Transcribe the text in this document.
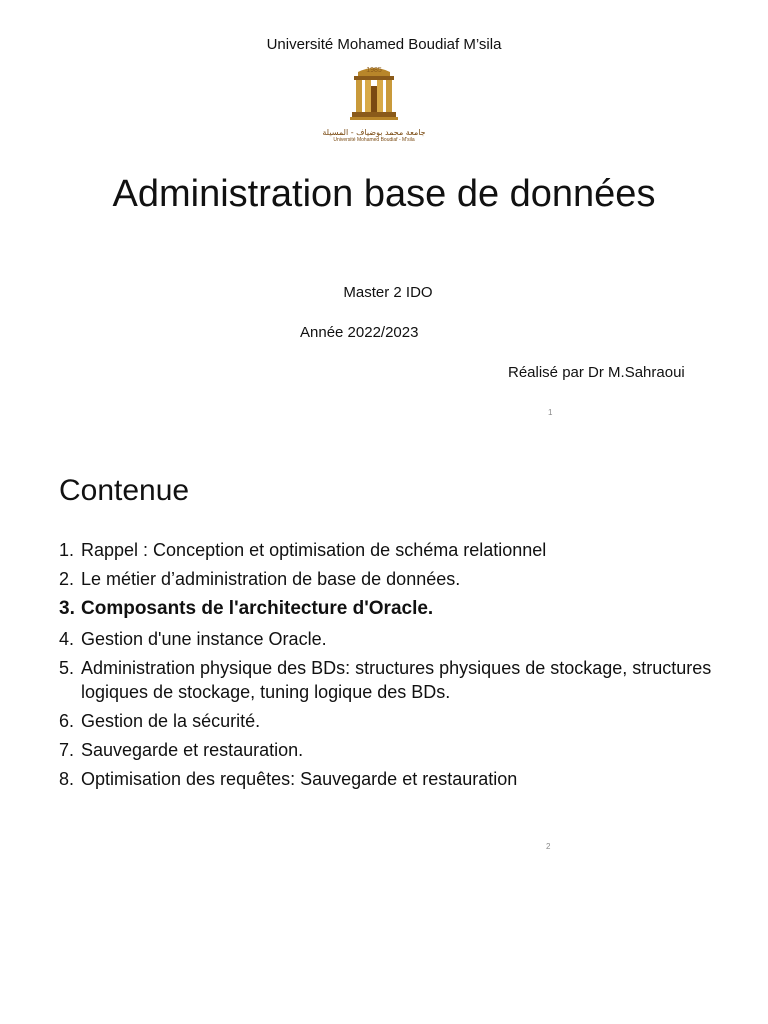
Université Mohamed Boudiaf M’sila
1985
جامعة محمد بوضياف - المسيلة
Université Mohamed Boudiaf - M'sila
Administration base de données
Master 2 IDO
Année 2022/2023
Réalisé par Dr M.Sahraoui
1
Contenue
1. Rappel : Conception et optimisation de schéma relationnel
2. Le métier d’administration de base de données.
3. Composants de l'architecture d'Oracle.
4. Gestion d'une instance Oracle.
5. Administration physique des BDs: structures physiques de stockage, structures logiques de stockage, tuning logique des BDs.
6. Gestion de la sécurité.
7. Sauvegarde et restauration.
8. Optimisation des requêtes: Sauvegarde et restauration
2
